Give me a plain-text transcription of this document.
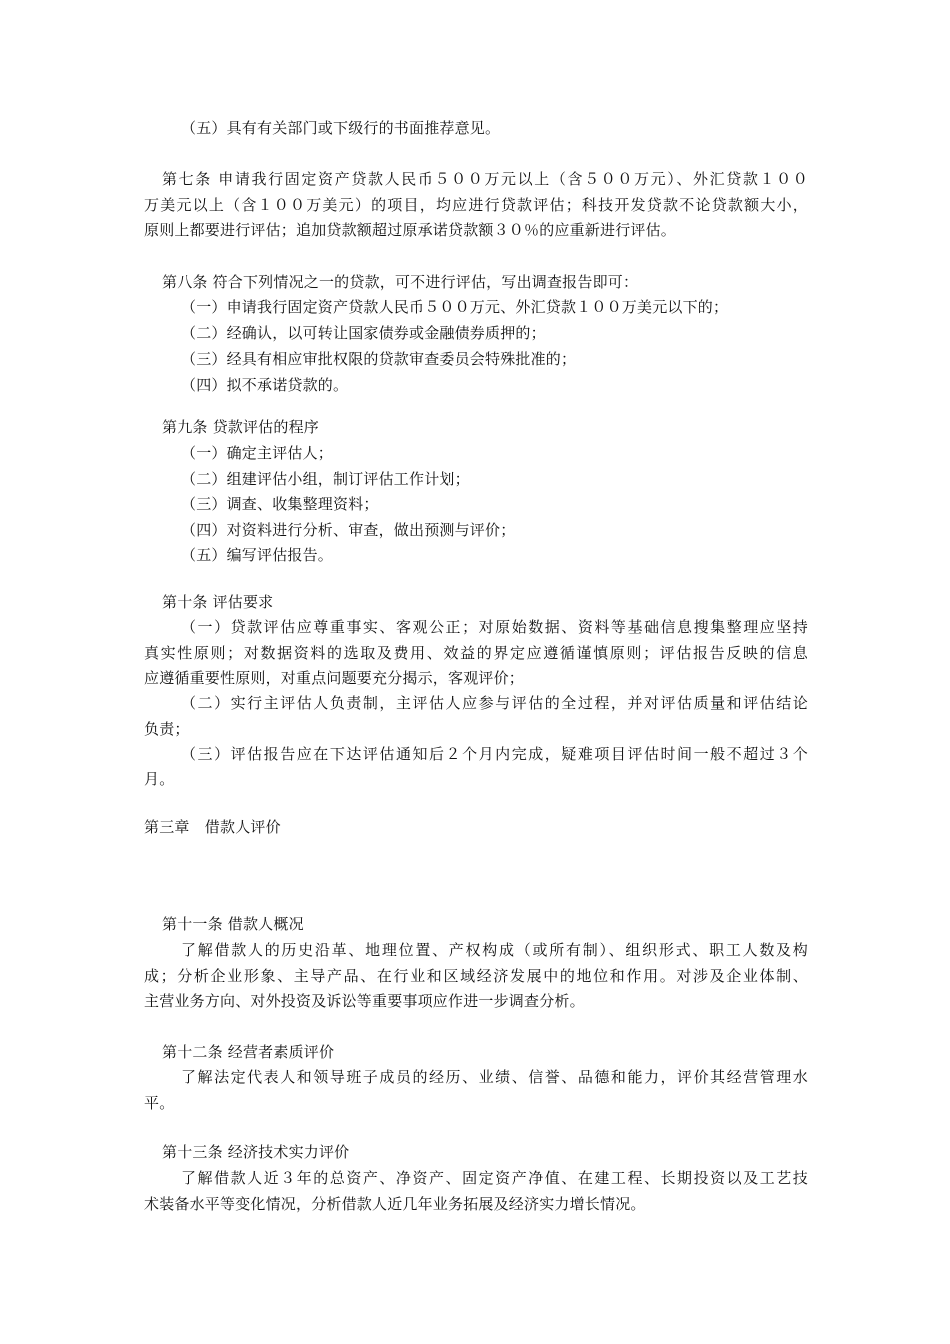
（五）具有有关部门或下级行的书面推荐意见。
第七条 申请我行固定资产贷款人民币５００万元以上（含５００万元）、外汇贷款１００
万美元以上（含１００万美元）的项目，均应进行贷款评估；科技开发贷款不论贷款额大小，
原则上都要进行评估；追加贷款额超过原承诺贷款额３０％的应重新进行评估。
第八条 符合下列情况之一的贷款，可不进行评估，写出调查报告即可：
（一）申请我行固定资产贷款人民币５００万元、外汇贷款１００万美元以下的；
（二）经确认，以可转让国家债券或金融债券质押的；
（三）经具有相应审批权限的贷款审查委员会特殊批准的；
（四）拟不承诺贷款的。
第九条 贷款评估的程序
（一）确定主评估人；
（二）组建评估小组，制订评估工作计划；
（三）调查、收集整理资料；
（四）对资料进行分析、审查，做出预测与评价；
（五）编写评估报告。
第十条 评估要求
（一）贷款评估应尊重事实、客观公正；对原始数据、资料等基础信息搜集整理应坚持
真实性原则；对数据资料的选取及费用、效益的界定应遵循谨慎原则；评估报告反映的信息
应遵循重要性原则，对重点问题要充分揭示，客观评价；
（二）实行主评估人负责制，主评估人应参与评估的全过程，并对评估质量和评估结论
负责；
（三）评估报告应在下达评估通知后２个月内完成，疑难项目评估时间一般不超过３个
月。
第三章　借款人评价
第十一条 借款人概况
了解借款人的历史沿革、地理位置、产权构成（或所有制）、组织形式、职工人数及构
成；分析企业形象、主导产品、在行业和区域经济发展中的地位和作用。对涉及企业体制、
主营业务方向、对外投资及诉讼等重要事项应作进一步调查分析。
第十二条 经营者素质评价
了解法定代表人和领导班子成员的经历、业绩、信誉、品德和能力，评价其经营管理水
平。
第十三条 经济技术实力评价
了解借款人近３年的总资产、净资产、固定资产净值、在建工程、长期投资以及工艺技
术装备水平等变化情况，分析借款人近几年业务拓展及经济实力增长情况。
